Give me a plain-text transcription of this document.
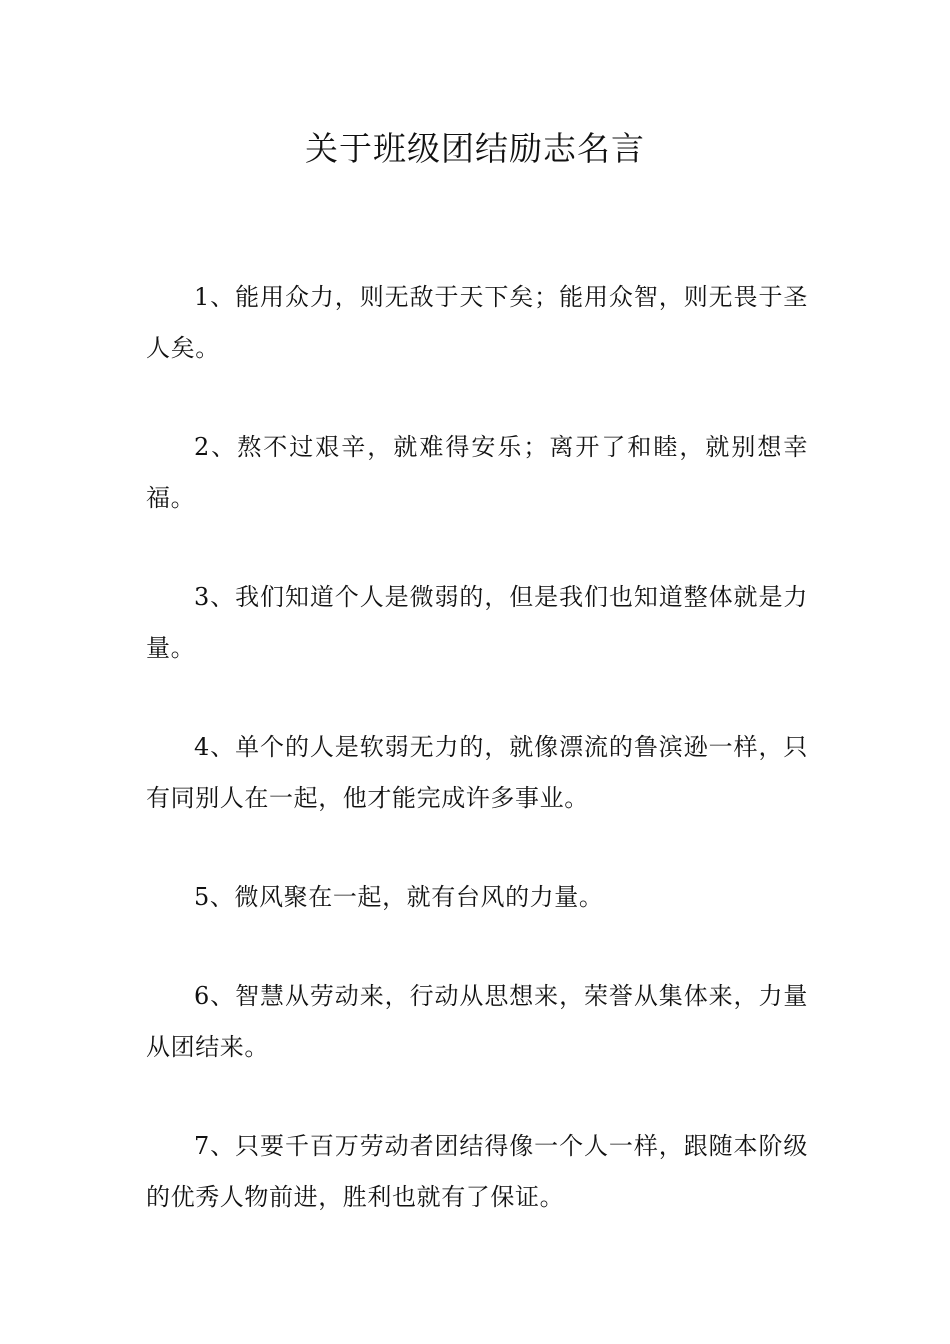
关于班级团结励志名言

1、能用众力，则无敌于天下矣；能用众智，则无畏于圣人矣。

2、熬不过艰辛，就难得安乐；离开了和睦，就别想幸福。

3、我们知道个人是微弱的，但是我们也知道整体就是力量。

4、单个的人是软弱无力的，就像漂流的鲁滨逊一样，只有同别人在一起，他才能完成许多事业。

5、微风聚在一起，就有台风的力量。

6、智慧从劳动来，行动从思想来，荣誉从集体来，力量从团结来。

7、只要千百万劳动者团结得像一个人一样，跟随本阶级的优秀人物前进，胜利也就有了保证。
